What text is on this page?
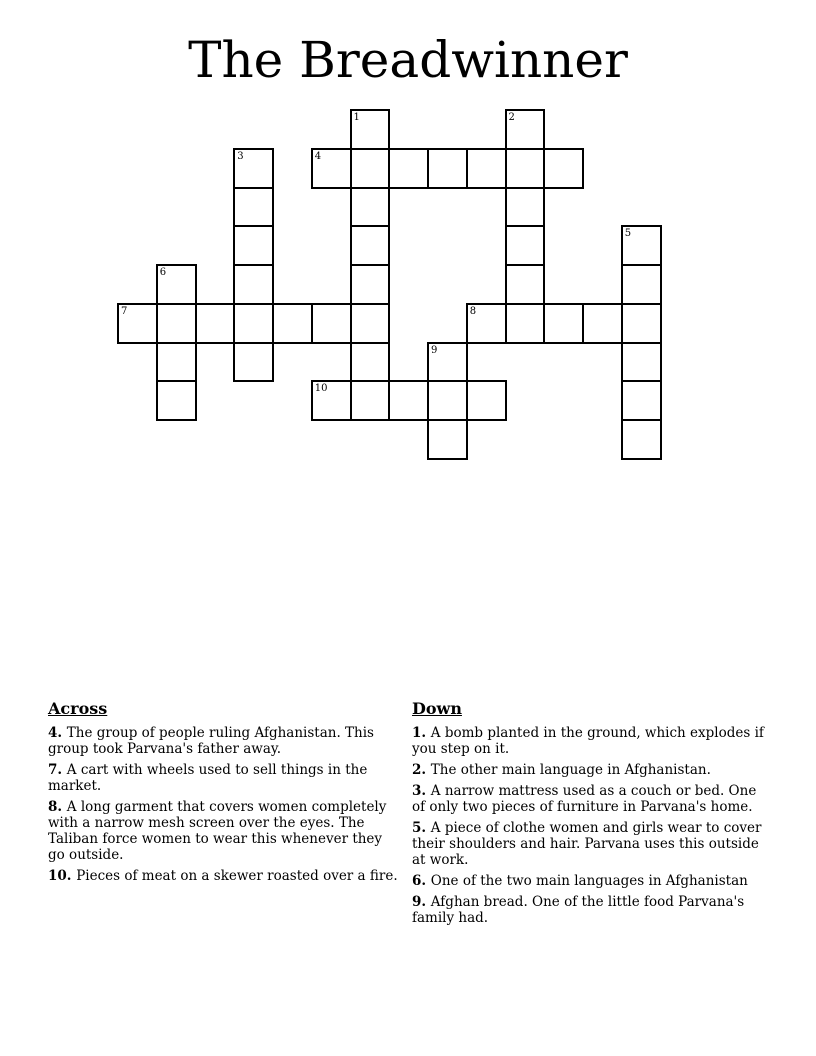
The Breadwinner
1	2
3	4
5
6
7	8
9
10
Across

4. The group of people ruling Afghanistan. This group took Parvana's father away.

7. A cart with wheels used to sell things in the market.

8. A long garment that covers women completely with a narrow mesh screen over the eyes. The Taliban force women to wear this whenever they go outside.

10. Pieces of meat on a skewer roasted over a fire.

Down

1. A bomb planted in the ground, which explodes if you step on it.

2. The other main language in Afghanistan.

3. A narrow mattress used as a couch or bed. One of only two pieces of furniture in Parvana's home.

5. A piece of clothe women and girls wear to cover their shoulders and hair. Parvana uses this outside at work.

6. One of the two main languages in Afghanistan

9. Afghan bread. One of the little food Parvana's family had.
